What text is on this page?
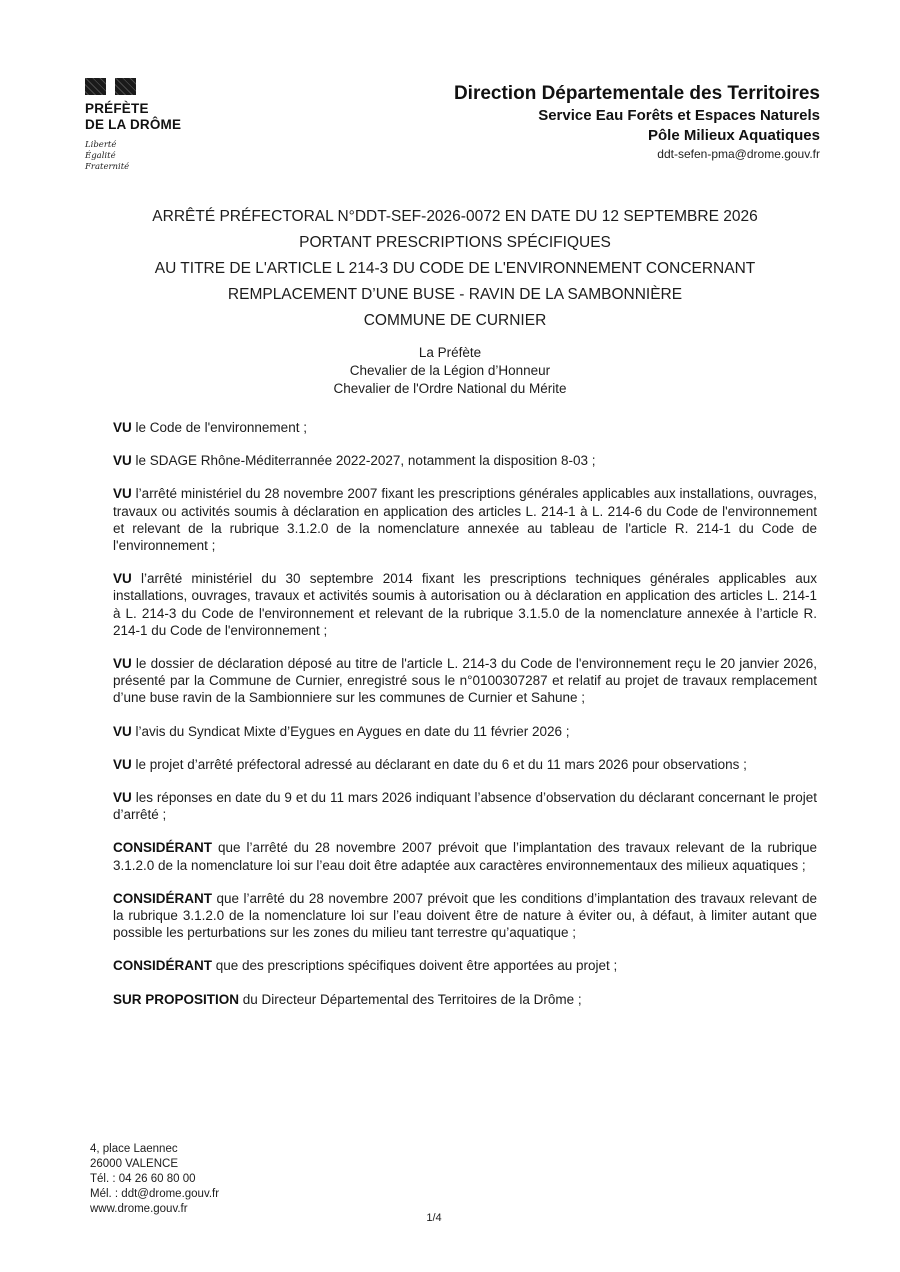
PRÉFÈTE
DE LA DRÔME
Liberté
Égalité
Fraternité
Direction Départementale des Territoires
Service Eau Forêts et Espaces Naturels
Pôle Milieux Aquatiques
ddt-sefen-pma@drome.gouv.fr
ARRÊTÉ PRÉFECTORAL N°DDT-SEF-2026-0072 EN DATE DU 12 SEPTEMBRE 2026
PORTANT PRESCRIPTIONS SPÉCIFIQUES
AU TITRE DE L'ARTICLE L 214-3 DU CODE DE L'ENVIRONNEMENT CONCERNANT
REMPLACEMENT D’UNE BUSE - RAVIN DE LA SAMBONNIÈRE
COMMUNE DE CURNIER
La Préfète
Chevalier de la Légion d’Honneur
Chevalier de l'Ordre National du Mérite

VU le Code de l'environnement ;

VU le SDAGE Rhône-Méditerrannée 2022-2027, notamment la disposition 8-03 ;

VU l’arrêté ministériel du 28 novembre 2007 fixant les prescriptions générales applicables aux installations, ouvrages, travaux ou activités soumis à déclaration en application des articles L. 214-1 à L. 214-6 du Code de l'environnement et relevant de la rubrique 3.1.2.0 de la nomenclature annexée au tableau de l'article R. 214-1 du Code de l'environnement ;

VU l’arrêté ministériel du 30 septembre 2014 fixant les prescriptions techniques générales applicables aux installations, ouvrages, travaux et activités soumis à autorisation ou à déclaration en application des articles L. 214-1 à L. 214-3 du Code de l'environnement et relevant de la rubrique 3.1.5.0 de la nomenclature annexée à l’article R. 214-1 du Code de l'environnement ;

VU le dossier de déclaration déposé au titre de l'article L. 214-3 du Code de l'environnement reçu le 20 janvier 2026, présenté par la Commune de Curnier, enregistré sous le n°0100307287 et relatif au projet de travaux remplacement d’une buse ravin de la Sambionniere sur les communes de Curnier et Sahune ;

VU l’avis du Syndicat Mixte d’Eygues en Aygues en date du 11 février 2026 ;

VU le projet d’arrêté préfectoral adressé au déclarant en date du 6 et du 11 mars 2026 pour observations ;

VU les réponses en date du 9 et du 11 mars 2026 indiquant l’absence d’observation du déclarant concernant le projet d’arrêté ;

CONSIDÉRANT que l’arrêté du 28 novembre 2007 prévoit que l’implantation des travaux relevant de la rubrique 3.1.2.0 de la nomenclature loi sur l’eau doit être adaptée aux caractères environnementaux des milieux aquatiques ;

CONSIDÉRANT que l’arrêté du 28 novembre 2007 prévoit que les conditions d’implantation des travaux relevant de la rubrique 3.1.2.0 de la nomenclature loi sur l’eau doivent être de nature à éviter ou, à défaut, à limiter autant que possible les perturbations sur les zones du milieu tant terrestre qu’aquatique ;

CONSIDÉRANT que des prescriptions spécifiques doivent être apportées au projet ;

SUR PROPOSITION du Directeur Départemental des Territoires de la Drôme ;

4, place Laennec
26000 VALENCE
Tél. : 04 26 60 80 00
Mél. : ddt@drome.gouv.fr
www.drome.gouv.fr
1/4
